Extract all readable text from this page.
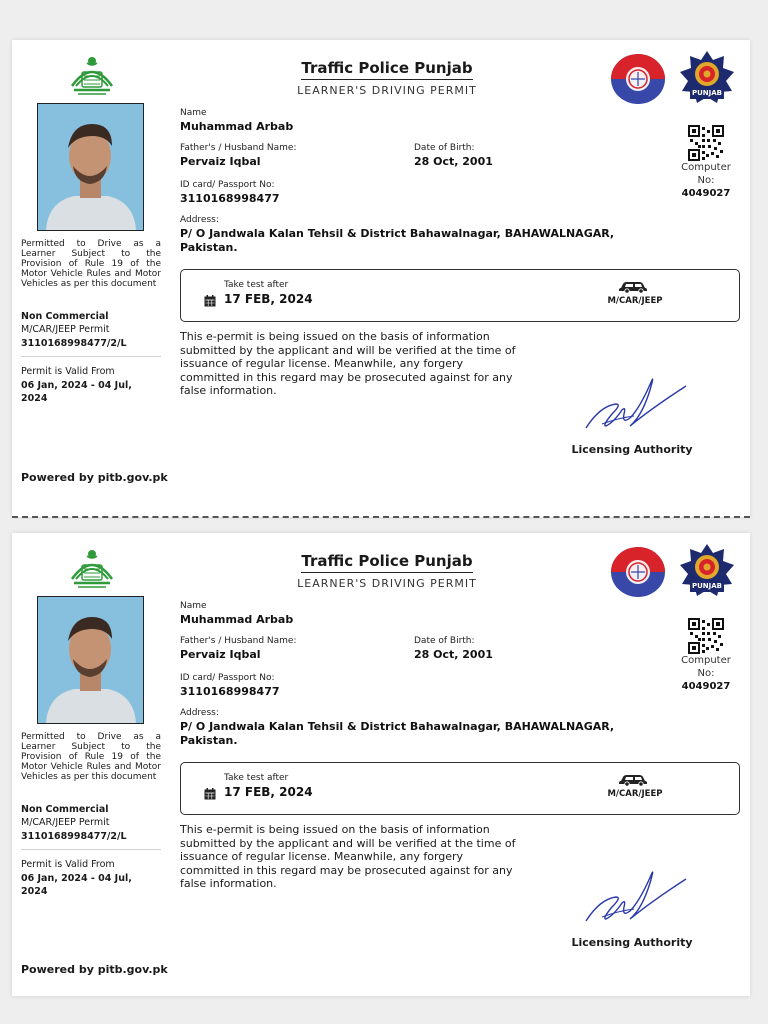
Traffic Police Punjab
LEARNER'S DRIVING PERMIT	PUNJAB
Name
Muhammad Arbab
Father's / Husband Name:
Pervaiz Iqbal
Date of Birth:
28 Oct, 2001
ID card/ Passport No:
3110168998477
Address:
P/ O Jandwala Kalan Tehsil & District Bahawalnagar, BAHAWALNAGAR, Pakistan.
Computer No:
4049027
Permitted to Drive as a Learner Subject to the Provision of Rule 19 of the Motor Vehicle Rules and Motor Vehicles as per this document
Non Commercial
M/CAR/JEEP Permit
3110168998477/2/L
Permit is Valid From
06 Jan, 2024 - 04 Jul, 2024
Take test after
17 FEB, 2024	M/CAR/JEEP
This e-permit is being issued on the basis of information submitted by the applicant and will be verified at the time of issuance of regular license. Meanwhile, any forgery committed in this regard may be prosecuted against for any false information.
Licensing Authority
Powered by pitb.gov.pk
Traffic Police Punjab
LEARNER'S DRIVING PERMIT	PUNJAB
Name
Muhammad Arbab
Father's / Husband Name:
Pervaiz Iqbal
Date of Birth:
28 Oct, 2001
ID card/ Passport No:
3110168998477
Address:
P/ O Jandwala Kalan Tehsil & District Bahawalnagar, BAHAWALNAGAR, Pakistan.
Computer No:
4049027
Permitted to Drive as a Learner Subject to the Provision of Rule 19 of the Motor Vehicle Rules and Motor Vehicles as per this document
Non Commercial
M/CAR/JEEP Permit
3110168998477/2/L
Permit is Valid From
06 Jan, 2024 - 04 Jul, 2024
Take test after
17 FEB, 2024	M/CAR/JEEP
This e-permit is being issued on the basis of information submitted by the applicant and will be verified at the time of issuance of regular license. Meanwhile, any forgery committed in this regard may be prosecuted against for any false information.
Licensing Authority
Powered by pitb.gov.pk
